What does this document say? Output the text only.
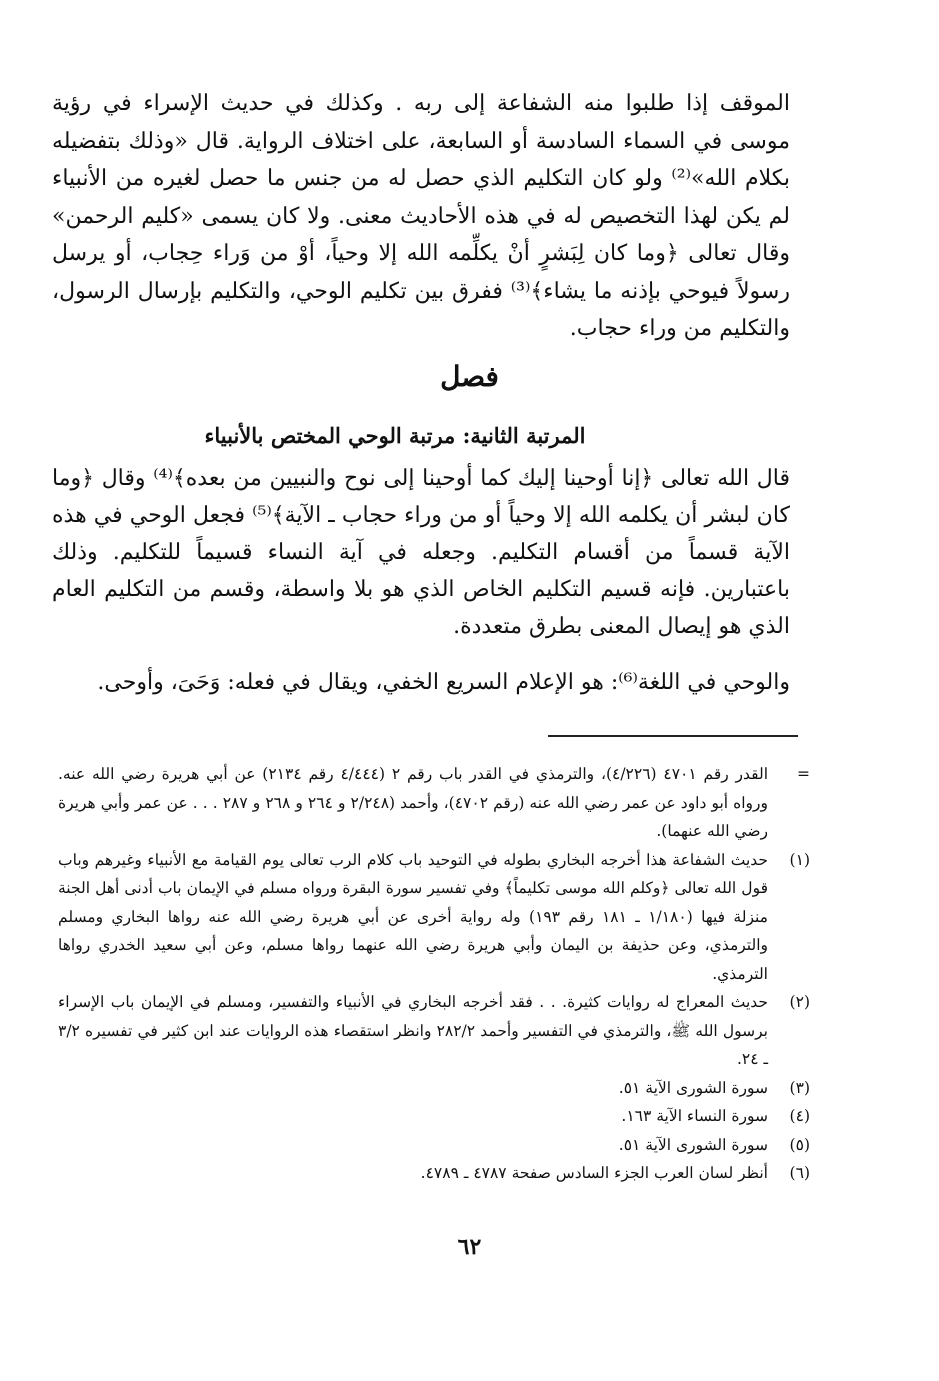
الموقف إذا طلبوا منه الشفاعة إلى ربه . وكذلك في حديث الإسراء في رؤية موسى في السماء السادسة أو السابعة، على اختلاف الرواية. قال «وذلك بتفضيله بكلام الله»⁽²⁾ ولو كان التكليم الذي حصل له من جنس ما حصل لغيره من الأنبياء لم يكن لهذا التخصيص له في هذه الأحاديث معنى. ولا كان يسمى «كليم الرحمن» وقال تعالى ﴿وما كان لِبَشرٍ أنْ يكلِّمه الله إلا وحياً، أوْ من وَراء حِجاب، أو يرسل رسولاً فيوحي بإذنه ما يشاء﴾⁽³⁾ ففرق بين تكليم الوحي، والتكليم بإرسال الرسول، والتكليم من وراء حجاب.

فصل
المرتبة الثانية: مرتبة الوحي المختص بالأنبياء

قال الله تعالى ﴿إنا أوحينا إليك كما أوحينا إلى نوح والنبيين من بعده﴾⁽⁴⁾ وقال ﴿وما كان لبشر أن يكلمه الله إلا وحياً أو من وراء حجاب ـ الآية﴾⁽⁵⁾ فجعل الوحي في هذه الآية قسماً من أقسام التكليم. وجعله في آية النساء قسيماً للتكليم. وذلك باعتبارين. فإنه قسيم التكليم الخاص الذي هو بلا واسطة، وقسم من التكليم العام الذي هو إيصال المعنى بطرق متعددة.

والوحي في اللغة⁽⁶⁾: هو الإعلام السريع الخفي، ويقال في فعله: وَحَىَ، وأوحى.

=
القدر رقم ٤٧٠١ (٤/٢٢٦)، والترمذي في القدر باب رقم ٢ (٤/٤٤٤ رقم ٢١٣٤) عن أبي هريرة رضي الله عنه. ورواه أبو داود عن عمر رضي الله عنه (رقم ٤٧٠٢)، وأحمد (٢/٢٤٨ و ٢٦٤ و ٢٦٨ و ٢٨٧ . . . عن عمر وأبي هريرة رضي الله عنهما).
(١)
حديث الشفاعة هذا أخرجه البخاري بطوله في التوحيد باب كلام الرب تعالى يوم القيامة مع الأنبياء وغيرهم وباب قول الله تعالى ﴿وكلم الله موسى تكليماً﴾ وفي تفسير سورة البقرة ورواه مسلم في الإيمان باب أدنى أهل الجنة منزلة فيها (١/١٨٠ ـ ١٨١ رقم ١٩٣) وله رواية أخرى عن أبي هريرة رضي الله عنه رواها البخاري ومسلم والترمذي، وعن حذيفة بن اليمان وأبي هريرة رضي الله عنهما رواها مسلم، وعن أبي سعيد الخدري رواها الترمذي.
(٢)
حديث المعراج له روايات كثيرة. . . فقد أخرجه البخاري في الأنبياء والتفسير، ومسلم في الإيمان باب الإسراء برسول الله ﷺ، والترمذي في التفسير وأحمد ٢٨٢/٢ وانظر استقصاء هذه الروايات عند ابن كثير في تفسيره ٣/٢ ـ ٢٤.
(٣)
سورة الشورى الآية ٥١.
(٤)
سورة النساء الآية ١٦٣.
(٥)
سورة الشورى الآية ٥١.
(٦)
أنظر لسان العرب الجزء السادس صفحة ٤٧٨٧ ـ ٤٧٨٩.
٦٢
